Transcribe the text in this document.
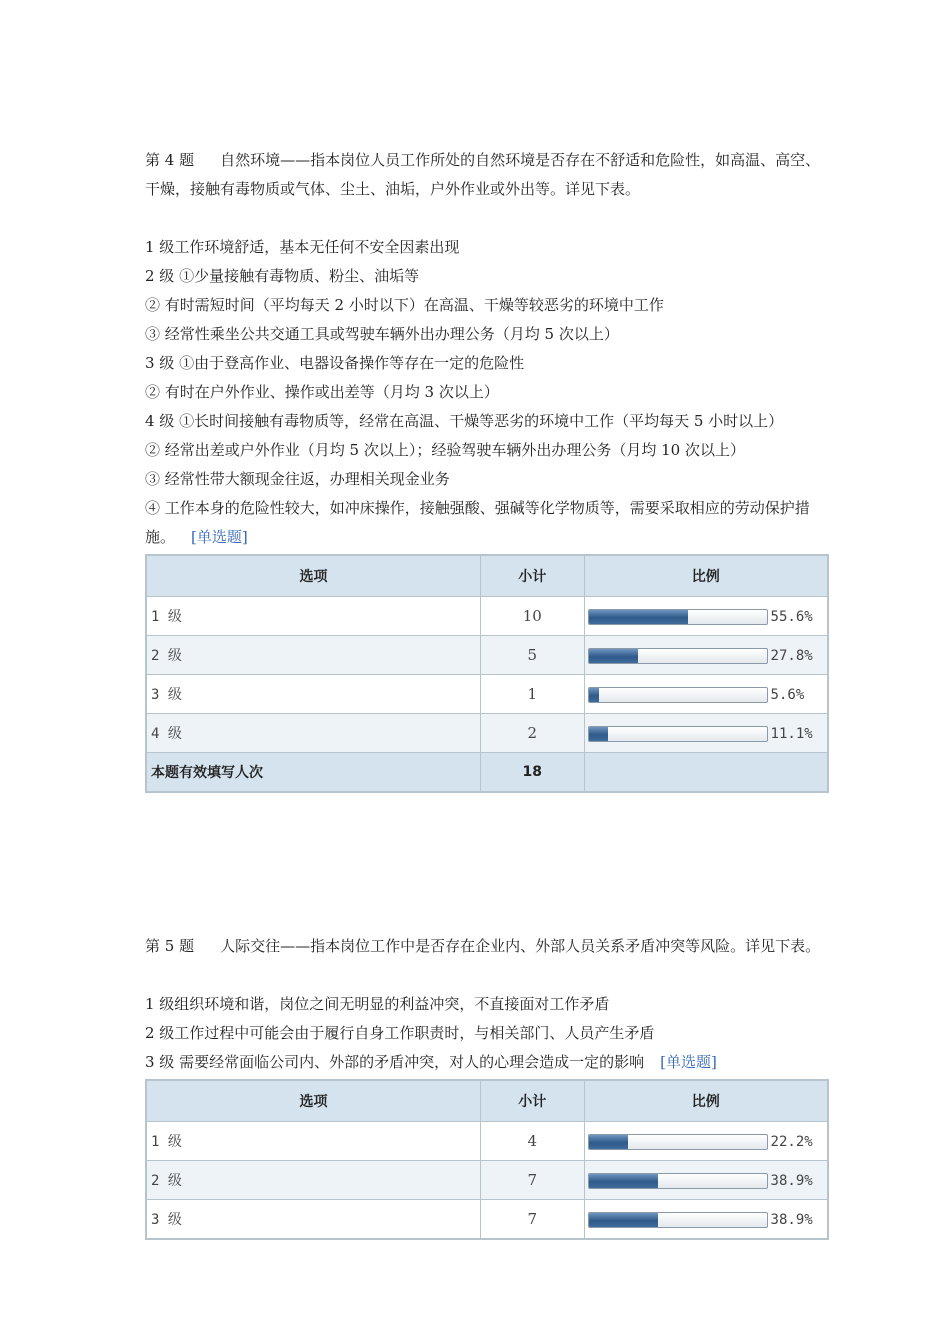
第 4 题 自然环境——指本岗位人员工作所处的自然环境是否存在不舒适和危险性，如高温、高空、干燥，接触有毒物质或气体、尘土、油垢，户外作业或外出等。详见下表。
1 级工作环境舒适，基本无任何不安全因素出现
2 级 ①少量接触有毒物质、粉尘、油垢等
② 有时需短时间（平均每天 2 小时以下）在高温、干燥等较恶劣的环境中工作
③ 经常性乘坐公共交通工具或驾驶车辆外出办理公务（月均 5 次以上）
3 级 ①由于登高作业、电器设备操作等存在一定的危险性
② 有时在户外作业、操作或出差等（月均 3 次以上）
4 级 ①长时间接触有毒物质等，经常在高温、干燥等恶劣的环境中工作（平均每天 5 小时以上）
② 经常出差或户外作业（月均 5 次以上）；经验驾驶车辆外出办理公务（月均 10 次以上）
③ 经常性带大额现金往返，办理相关现金业务
④ 工作本身的危险性较大，如冲床操作，接触强酸、强碱等化学物质等，需要采取相应的劳动保护措施。 [单选题]
选项	小计	比例
1 级	10	55.6%
2 级	5	27.8%
3 级	1	5.6%
4 级	2	11.1%
本题有效填写人次	18	
第 5 题 人际交往——指本岗位工作中是否存在企业内、外部人员关系矛盾冲突等风险。详见下表。
1 级组织环境和谐，岗位之间无明显的利益冲突，不直接面对工作矛盾
2 级工作过程中可能会由于履行自身工作职责时，与相关部门、人员产生矛盾
3 级 需要经常面临公司内、外部的矛盾冲突，对人的心理会造成一定的影响 [单选题]
选项	小计	比例
1 级	4	22.2%
2 级	7	38.9%
3 级	7	38.9%
